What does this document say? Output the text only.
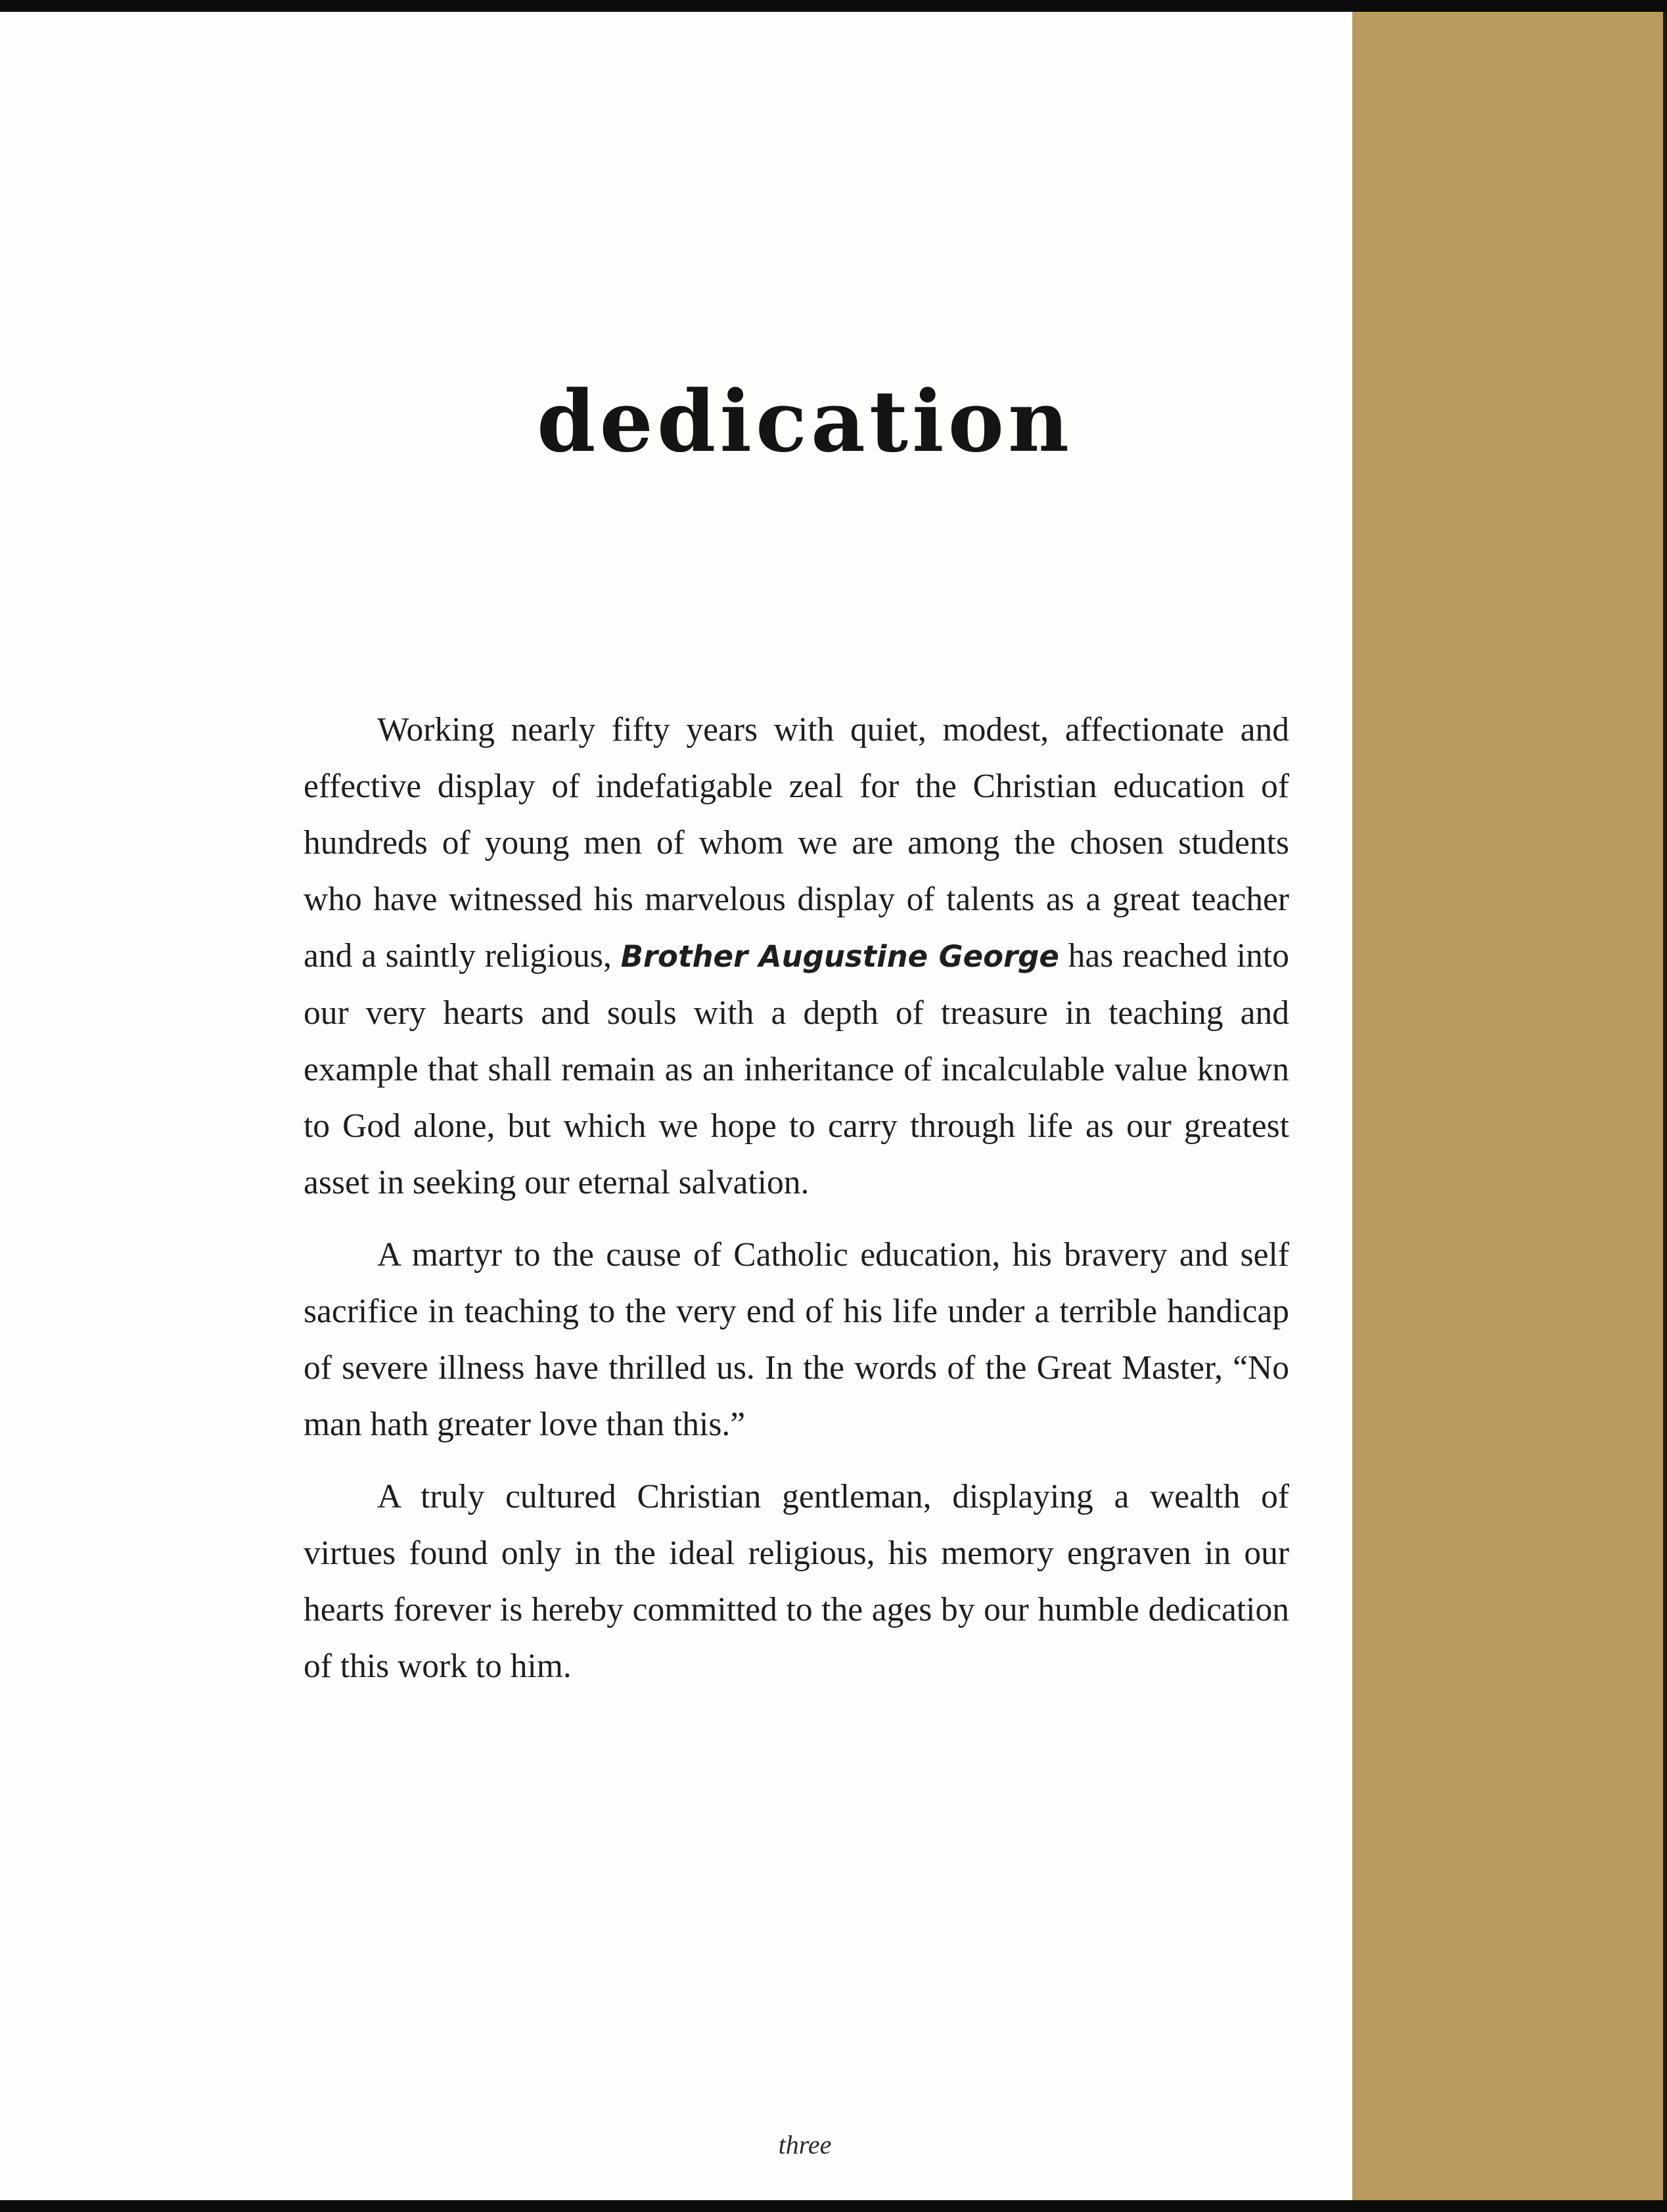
dedication

Working nearly fifty years with quiet, modest, affectionate and effective display of indefatigable zeal for the Christian education of hundreds of young men of whom we are among the chosen students who have witnessed his marvelous display of talents as a great teacher and a saintly religious, Brother Augustine George has reached into our very hearts and souls with a depth of treasure in teaching and example that shall remain as an inheritance of incalculable value known to God alone, but which we hope to carry through life as our greatest asset in seeking our eternal salvation.

A martyr to the cause of Catholic education, his bravery and self sacrifice in teaching to the very end of his life under a terrible handicap of severe illness have thrilled us. In the words of the Great Master, “No man hath greater love than this.”

A truly cultured Christian gentleman, displaying a wealth of virtues found only in the ideal religious, his memory engraven in our hearts forever is hereby committed to the ages by our humble dedication of this work to him.

three
